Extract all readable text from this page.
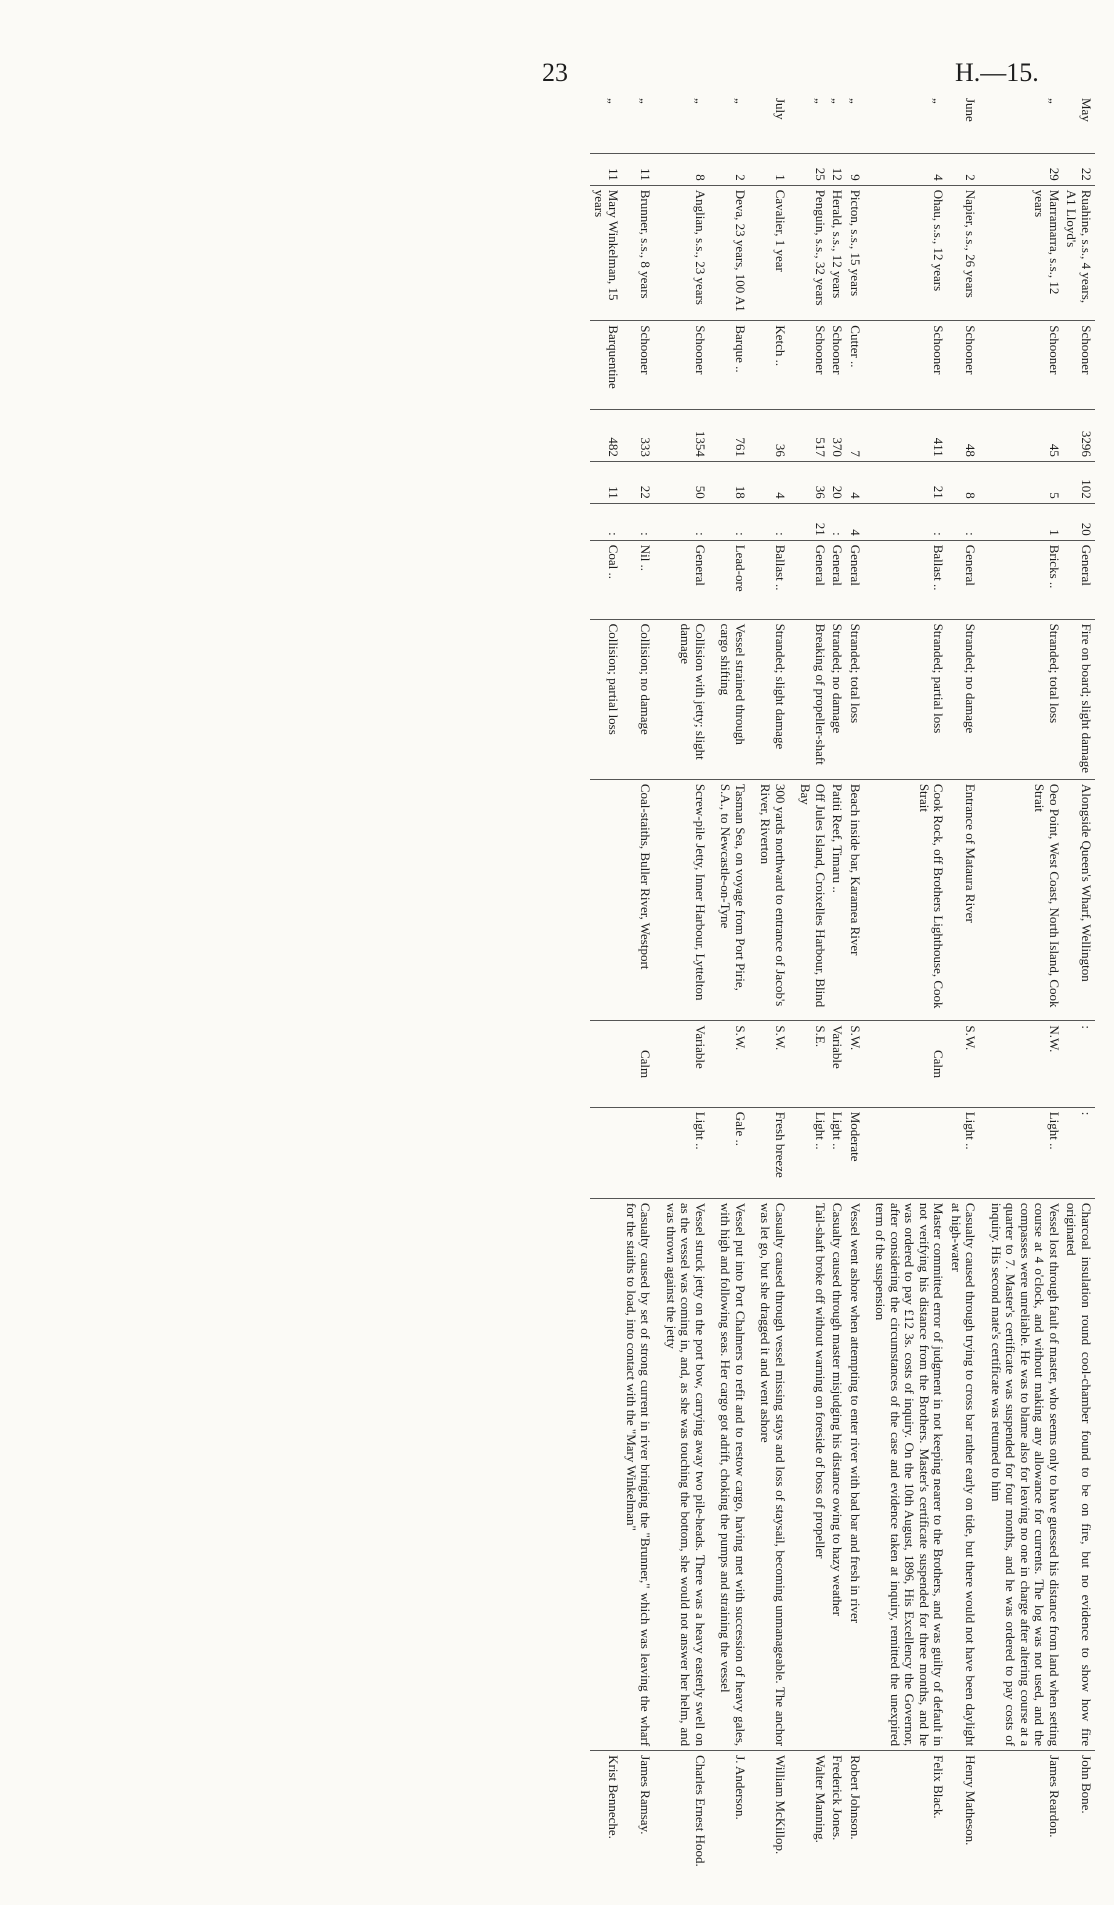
23	H.—15.
May	22	Ruahine, s.s., 4 years, A1 Lloyd's	Schooner	3296	102	20	General	Fire on board; slight damage	Alongside Queen's Wharf, Wellington	:	:	Charcoal insulation round cool-chamber found to be on fire, but no evidence to show how fire originated	John Bone.
„	29	Marramarra, s.s., 12 years	Schooner	45	5	1	Bricks ..	Stranded; total loss	Oeo Point, West Coast, North Island, Cook Strait	N.W.	Light ..	Vessel lost through fault of master, who seems only to have guessed his distance from land when setting course at 4 o'clock, and without making any allowance for currents. The log was not used, and the compasses were unreliable. He was to blame also for leaving no one in charge after altering course at a quarter to 7. Master's certificate was suspended for four months, and he was ordered to pay costs of inquiry. His second mate's certificate was returned to him	James Reardon.
June	2	Napier, s.s., 26 years	Schooner	48	8	:	General	Stranded; no damage	Entrance of Mataura River	S.W.	Light ..	Casualty caused through trying to cross bar rather early on tide, but there would not have been daylight at high-water	Henry Matheson.
„	4	Ohau, s.s., 12 years	Schooner	411	21	:	Ballast ..	Stranded; partial loss	Cook Rock, off Brothers Lighthouse, Cook Strait	Calm		Master committed error of judgment in not keeping nearer to the Brothers, and was guilty of default in not verifying his distance from the Brothers. Master's certificate suspended for three months, and he was ordered to pay £12 3s. costs of inquiry. On the 10th August, 1896, His Excellency the Governor, after considering the circumstances of the case and evidence taken at inquiry, remitted the unexpired term of the suspension	Felix Black.
„	9	Picton, s.s., 15 years	Cutter ..	7	4	4	General	Stranded; total loss	Beach inside bar, Karamea River	S.W.	Moderate	Vessel went ashore when attempting to enter river with bad bar and fresh in river	Robert Johnson.
„	12	Herald, s.s., 12 years	Schooner	370	20	:	General	Stranded; no damage	Patiti Reef, Timaru ..	Variable	Light ..	Casualty caused through master misjudging his distance owing to hazy weather	Frederick Jones.
„	25	Penguin, s.s., 32 years	Schooner	517	36	21	General	Breaking of propeller-shaft	Off Jules Island, Croixelles Harbour, Blind Bay	S.E.	Light ..	Tail-shaft broke off without warning on foreside of boss of propeller	Walter Manning.
July	1	Cavalier, 1 year	Ketch ..	36	4	:	Ballast ..	Stranded; slight damage	300 yards northward to entrance of Jacob's River, Riverton	S.W.	Fresh breeze	Casualty caused through vessel missing stays and loss of staysail, becoming unmanageable. The anchor was let go, but she dragged it and went ashore	William McKillop.
„	2	Deva, 23 years, 100 A1	Barque ..	761	18	:	Lead-ore	Vessel strained through cargo shifting	Tasman Sea, on voyage from Port Pirie, S.A., to Newcastle-on-Tyne	S.W.	Gale ..	Vessel put into Port Chalmers to refit and to restow cargo, having met with succession of heavy gales, with high and following seas. Her cargo got adrift, choking the pumps and straining the vessel	J. Anderson.
„	8	Anglian, s.s., 23 years	Schooner	1354	50	:	General	Collision with jetty; slight damage	Screw-pile Jetty, Inner Harbour, Lyttelton	Variable	Light ..	Vessel struck jetty on the port bow, carrying away two pile-heads. There was a heavy easterly swell on as the vessel was coming in, and, as she was touching the bottom, she would not answer her helm, and was thrown against the jetty	Charles Ernest Hood.
„	11	Brunner, s.s., 8 years	Schooner	333	22	:	Nil ..	Collision; no damage	Coal-staiths, Buller River, Westport	Calm		Casualty caused by set of strong current in river bringing the "Brunner," which was leaving the wharf for the staiths to load, into contact with the "Mary Winkelman"	James Ramsay.
„	11	Mary Winkelman, 15 years	Barquentine	482	11	:	Coal ..	Collision; partial loss					Krist Benneche.
